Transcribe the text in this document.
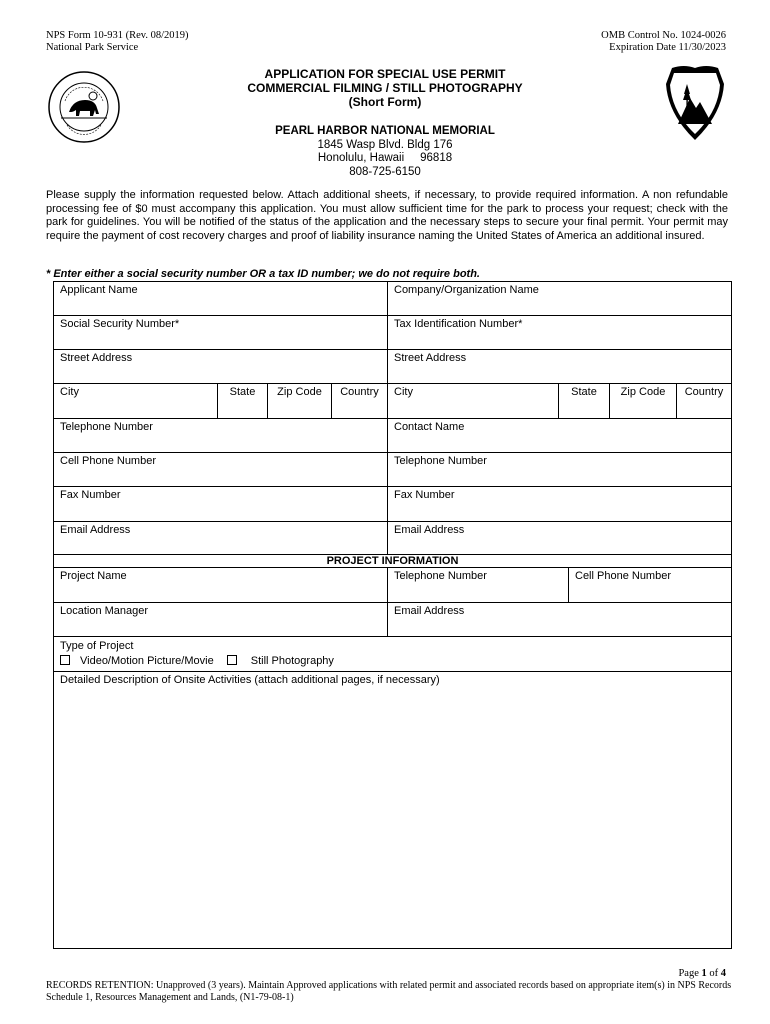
NPS Form 10-931 (Rev. 08/2019)
National Park Service
OMB Control No. 1024-0026
Expiration Date 11/30/2023
APPLICATION FOR SPECIAL USE PERMIT
COMMERCIAL FILMING / STILL PHOTOGRAPHY
(Short Form)
PEARL HARBOR NATIONAL MEMORIAL
1845 Wasp Blvd. Bldg 176
Honolulu, Hawaii     96818
808-725-6150
Please supply the information requested below. Attach additional sheets, if necessary, to provide required information. A non refundable processing fee of $0 must accompany this application. You must allow sufficient time for the park to process your request; check with the park for guidelines. You will be notified of the status of the application and the necessary steps to secure your final permit. Your permit may require the payment of cost recovery charges and proof of liability insurance naming the United States of America an additional insured.
* Enter either a social security number OR a tax ID number; we do not require both.
Applicant Name	Company/Organization Name
Social Security Number*	Tax Identification Number*
Street Address	Street Address
City	State	Zip Code	Country	City	State	Zip Code	Country
Telephone Number	Contact Name
Cell Phone Number	Telephone Number
Fax Number	Fax Number
Email Address	Email Address
PROJECT INFORMATION
Project Name	Telephone Number	Cell Phone Number
Location Manager	Email Address
Type of Project
Video/Motion Picture/Movie	Still Photography
Detailed Description of Onsite Activities (attach additional pages, if necessary)
Page 1 of 4
RECORDS RETENTION: Unapproved (3 years). Maintain Approved applications with related permit and associated records based on appropriate item(s) in NPS Records Schedule 1, Resources Management and Lands, (N1-79-08-1)
